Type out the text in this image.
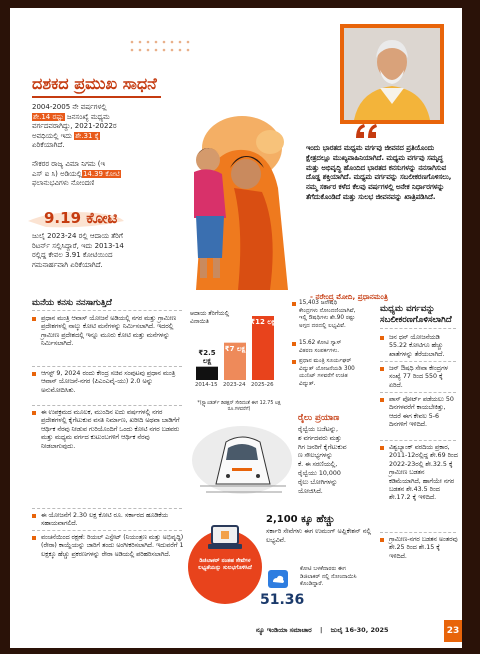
ದಶಕದ ಪ್ರಮುಖ ಸಾಧನೆ
2004-2005 ನೇ ವರ್ಷಗಳಲ್ಲಿ
ಶೇ.14 ರಷ್ಟು ಜನಸಂಖ್ಯೆ ಮಧ್ಯಮ
ವರ್ಗದವರಾಗಿದ್ದು, 2021-2022ರ
ಅವಧಿಯಲ್ಲಿ ಇದು ಶೇ.31 ಕ್ಕೆ
ಏರಿಕೆಯಾಗಿದೆ.
ನೌಕರರ ರಾಜ್ಯ ವಿಮಾ ನಿಗಮ (ಇ
ಎಸ್ ಐ ಸಿ) ಅಡಿಯಲ್ಲಿ14.39 ಕೋಟಿ
ಫಲಾನುಭವಿಗಳು ನೋಂದಣಿ
9.19 ಕೋಟಿ
ಜುಲೈ 2023-24 ರಲ್ಲಿ ಆದಾಯ ತೆರಿಗೆ
ರಿಟರ್ನ್ ಸಲ್ಲಿಸಿದ್ದಾರೆ, ಇದು 2013-14
ರಲ್ಲಿದ್ದ ಕೇವಲ 3.91 ಕೋಟಿಯಿಂದ
ಗಮನಾರ್ಹವಾಗಿ ಏರಿಕೆಯಾಗಿದೆ.
ಇಂದು ಭಾರತದ ಮಧ್ಯಮ ವರ್ಗವು ಜೀವನದ ಪ್ರತಿಯೊಂದು ಕ್ಷೇತ್ರದಲ್ಲೂ ಮುಖ್ಯವಾಹಿನಿಯಾಗಿದೆ. ಮಧ್ಯಮ ವರ್ಗವು ಸಮೃದ್ಧ ಮತ್ತು ಅಭಿವೃದ್ಧಿ ಹೊಂದಿದ ಭಾರತದ ಕನಸುಗಳನ್ನು ನನಸಾಗಿಸುವ ದೊಡ್ಡ ಶಕ್ತಿಯಾಗಿದೆ. ಮಧ್ಯಮ ವರ್ಗವನ್ನು ಸಬಲೀಕರಣಗೊಳಿಸಲು, ನಮ್ಮ ಸರ್ಕಾರ ಕಳೆದ ಕೆಲವು ವರ್ಷಗಳಲ್ಲಿ ಅನೇಕ ನಿರ್ಧಾರಗಳನ್ನು ತೆಗೆದುಕೊಂಡಿದೆ ಮತ್ತು ಸುಲಭ ಜೀವನವನ್ನು ಖಾತ್ರಿಪಡಿಸಿದೆ.
- ನರೇಂದ್ರ ಮೋದಿ, ಪ್ರಧಾನಮಂತ್ರಿ
ಮನೆಯ ಕನಸು ನನಸಾಗುತ್ತಿದೆ
ಪ್ರಧಾನ ಮಂತ್ರಿ ಆವಾಸ್ ಯೋಜನೆ ಅಡಿಯಲ್ಲಿ ನಗರ ಮತ್ತು ಗ್ರಾಮೀಣ ಪ್ರದೇಶಗಳಲ್ಲಿ ನಾಲ್ಕು ಕೋಟಿ ಮನೆಗಳನ್ನು ನಿರ್ಮಿಸಲಾಗಿದೆ. ಇದರಲ್ಲಿ ಗ್ರಾಮೀಣ ಪ್ರದೇಶದಲ್ಲಿ ಇನ್ನೂ ಮೂರು ಕೋಟಿ ಮತ್ತು ಮನೆಗಳನ್ನು ನಿರ್ಮಿಸಲಾಗಿದೆ.
ಆಗಸ್ಟ್ 9, 2024 ರಂದು ಕೇಂದ್ರ ಸಚಿವ ಸಂಪುಟವು ಪ್ರಧಾನ ಮಂತ್ರಿ ಆವಾಸ್ ಯೋಜನೆ-ನಗರ (ಪಿಎಂಎವೈ-ಯು) 2.0 ಅನ್ನು ಅನುಮೋದಿಸಿತು.
ಈ ಉಪಕ್ರಮದ ಮೂಲಕ, ಮುಂದಿನ ಐದು ವರ್ಷಗಳಲ್ಲಿ ನಗರ ಪ್ರದೇಶಗಳಲ್ಲಿ ಕೈಗೆಟುಕುವ ವಸತಿ ನಿರ್ಮಾಣ, ಖರೀದಿ ಅಥವಾ ಬಾಡಿಗೆಗೆ ಆರ್ಥಿಕ ನೆರವು ನೀಡುವ ಗುರಿಯೊಂದಿಗೆ ಒಂದು ಕೋಟಿ ನಗರ ಬಡವರು ಮತ್ತು ಮಧ್ಯಮ ವರ್ಗದ ಕುಟುಂಬಗಳಿಗೆ ಆರ್ಥಿಕ ನೆರವು ನೀಡಲಾಗುವುದು.
ಈ ಯೋಜನೆಗೆ 2.30 ಲಕ್ಷ ಕೋಟಿ ರೂ. ಸರ್ಕಾರದ ಹೂಡಿಕೆಯ ಸಹಾಯವಾಗಲಿದೆ.
ವಂಚನೆಯಿಂದ ರಕ್ಷಣೆ: ರಿಯಲ್ ಎಸ್ಟೇಟ್ (ನಿಯಂತ್ರಣ ಮತ್ತು ಅಭಿವೃದ್ಧಿ) (ರೇರಾ) ಕಾಯ್ದೆಯನ್ನು ಜಾರಿಗೆ ತಂದು ಅಂಗೀಕರಿಸಲಾಗಿದೆ. ಇದುವರೆಗೆ 1 ಲಕ್ಷಕ್ಕೂ ಹೆಚ್ಚು ಪ್ರಕರಣಗಳನ್ನು ರೇರಾ ಅಡಿಯಲ್ಲಿ ಪರಿಹರಿಸಲಾಗಿದೆ.
ಆದಾಯ ತೆರಿಗೆಯಲ್ಲಿ ವಿನಾಯಿತಿ
*(ಸ್ಟ್ಯಾಂಡರ್ಡ್ ಡಿಡಕ್ಷನ್ ಸೇರಿದಂತೆ ಈಗ 12.75 ಲಕ್ಷ ರೂ.ಗಳವರೆಗೆ)
15,403 ಜನೌಷಧಿ ಕೇಂದ್ರಗಳು ನೋಂದಣಿಯಾಗಿವೆ, ಇಲ್ಲಿ ಔಷಧಿಗಳು ಶೇ.90 ರಷ್ಟು ಅಗ್ಗದ ದರದಲ್ಲಿ ಲಭ್ಯವಿವೆ.
15.62 ಕೋಟಿ ಗ್ಯಾಸ್ ವಿತರಣ ಸಂಪರ್ಕಗಳು.
ಪ್ರಧಾನ ಮಂತ್ರಿ ಸೂರ್ಯಘರ್ ವಿದ್ಯುತ್ ಯೋಜನೆಯಡಿ 300 ಯುನಿಟ್ ಗಳವರೆಗೆ ಉಚಿತ ವಿದ್ಯುತ್.
ರೈಲು ಪ್ರಯಾಣ
ರೈಲ್ವೆಯ ಬಜೆಟನ್ನು,
ಶ ವರ್ಗದವರು ಮತ್ತು
ಗಿಗ ಜನರಿಗೆ ಕೈಗೆಟುಕುವ
ಣ ಸೌಲಭ್ಯಗಳನ್ನು
ಕೆ. ಈ ಸರಣಿಯಲ್ಲಿ,
ರೈಲ್ವೆಯು 10,000
ರೈಲು ಬೋಗಿಗಳನ್ನು
ಯೋಜಿಸಿದೆ.
2,100 ಕ್ಕೂ ಹೆಚ್ಚು
ಸರ್ಕಾರಿ ಸೇವೆಗಳು ಈಗ ಉಮಂಗ್ ಅಪ್ಲಿಕೇಶನ್ ನಲ್ಲಿ ಲಭ್ಯವಿವೆ.
ಡಿಜಿಲಾಕರ್ ನಂತಹ ಸೇವೆಗಳ ಲಭ್ಯತೆಯನ್ನು ಸುಲಭಗೊಳಿಸಿದೆ
51.36
ಕೋಟಿ ಬಳಕೆದಾರರು ಈಗ ಡಿಜಿಲಾಕರ್ ನಲ್ಲಿ ನೋಂದಾಯಿಸಿ ಕೊಂಡಿದ್ದಾರೆ.
ಮಧ್ಯಮ ವರ್ಗವನ್ನು ಸಬಲೀಕರಣಗೊಳಿಸಲಾಗಿದೆ
ಜನ ಧನ್ ಯೋಜನೆಯಡಿ 55.22 ಕೋಟಿಗೂ ಹೆಚ್ಚು ಖಾತೆಗಳನ್ನು ತೆರೆಯಲಾಗಿದೆ.
ಜನ್ ಔಷಧಿ ಸೇವಾ ಕೇಂದ್ರಗಳ ಸಂಖ್ಯೆ 77 ರಿಂದ 550 ಕ್ಕೆ ಏರಿದೆ.
ಪಾಸ್ ಪೋರ್ಟ್ ಪಡೆಯಲು 50 ದಿನಗಳವರೆಗೆ ಕಾಯಬೇಕಿತ್ತು, ಆದರೆ ಈಗ ಕೇವಲ 5-6 ದಿನಗಳಿಗೆ ಇಳಿದಿದೆ.
ವಿಶ್ವಬ್ಯಾಂಕ್ ವರದಿಯ ಪ್ರಕಾರ, 2011-12ರಲ್ಲಿದ್ದ ಶೇ.69 ರಿಂದ 2022-23ರಲ್ಲಿ ಶೇ.32.5 ಕ್ಕೆ ಗ್ರಾಮೀಣ ಬಡತನ ಕಡಿಮೆಯಾಗಿದೆ, ಹಾಗೆಯೇ ನಗರ ಬಡತನ ಶೇ.43.5 ರಿಂದ ಶೇ.17.2 ಕ್ಕೆ ಇಳಿದಿದೆ.
ಗ್ರಾಮೀಣ-ನಗರ ಬಡತನ ಅಂತರವು ಶೇ.25 ರಿಂದ ಶೇ.15 ಕ್ಕೆ ಇಳಿದಿದೆ.
ನ್ಯೂ ಇಂಡಿಯಾ ಸಮಾಚಾರ | ಜುಲೈ 16-30, 2025	23
₹2.5 ಲಕ್ಷ
2014-15
₹7 ಲಕ್ಷ
2023-24
₹12 ಲಕ್ಷ
2025-26
